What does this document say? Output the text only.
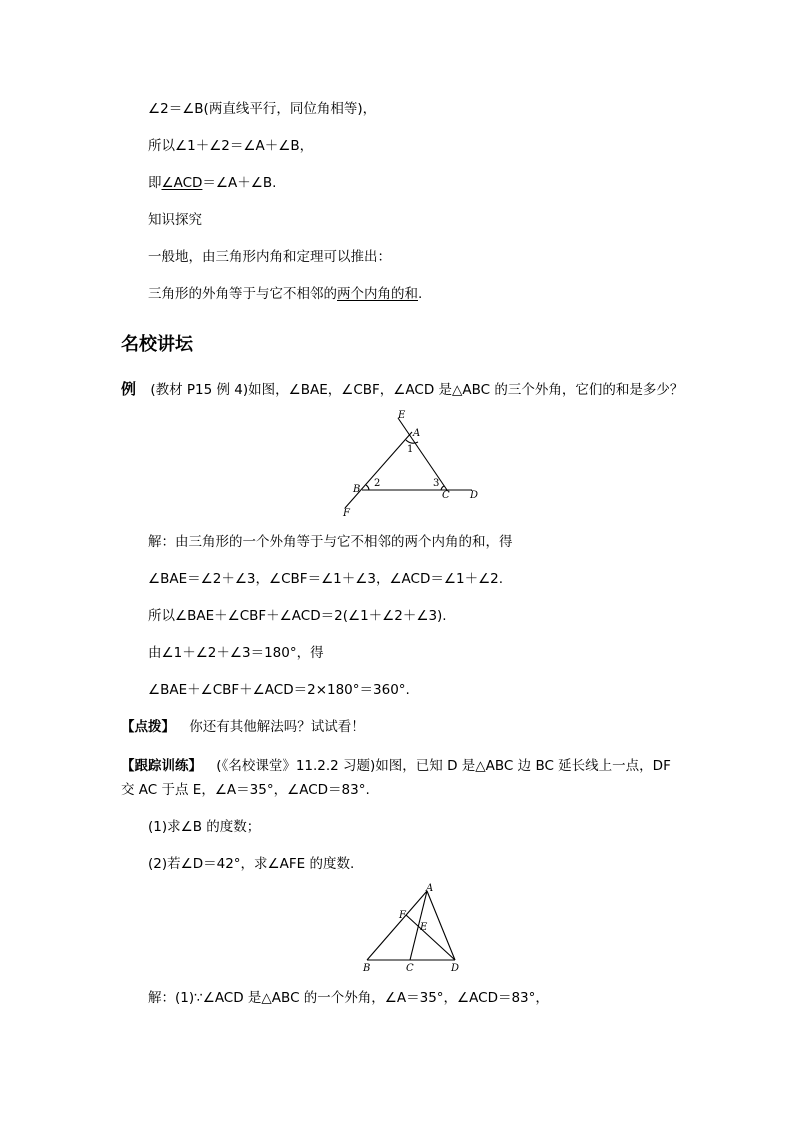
∠2＝∠B(两直线平行，同位角相等)，
所以∠1＋∠2＝∠A＋∠B，
即∠ACD＝∠A＋∠B.
知识探究
一般地，由三角形内角和定理可以推出：
三角形的外角等于与它不相邻的两个内角的和.
名校讲坛
例 (教材 P15 例 4)如图，∠BAE，∠CBF，∠ACD 是△ABC 的三个外角，它们的和是多少？
E
A
1
B
2	3
C D
F
解：由三角形的一个外角等于与它不相邻的两个内角的和，得
∠BAE＝∠2＋∠3，∠CBF＝∠1＋∠3，∠ACD＝∠1＋∠2.
所以∠BAE＋∠CBF＋∠ACD＝2(∠1＋∠2＋∠3).
由∠1＋∠2＋∠3＝180°，得
∠BAE＋∠CBF＋∠ACD＝2×180°＝360°.
【点拨】 你还有其他解法吗？试试看！
【跟踪训练】 (《名校课堂》11.2.2 习题)如图，已知 D 是△ABC 边 BC 延长线上一点，DF
交 AC 于点 E，∠A＝35°，∠ACD＝83°.
(1)求∠B 的度数；
(2)若∠D＝42°，求∠AFE 的度数.
A
F
E
B	C	D
解：(1)∵∠ACD 是△ABC 的一个外角，∠A＝35°，∠ACD＝83°，
